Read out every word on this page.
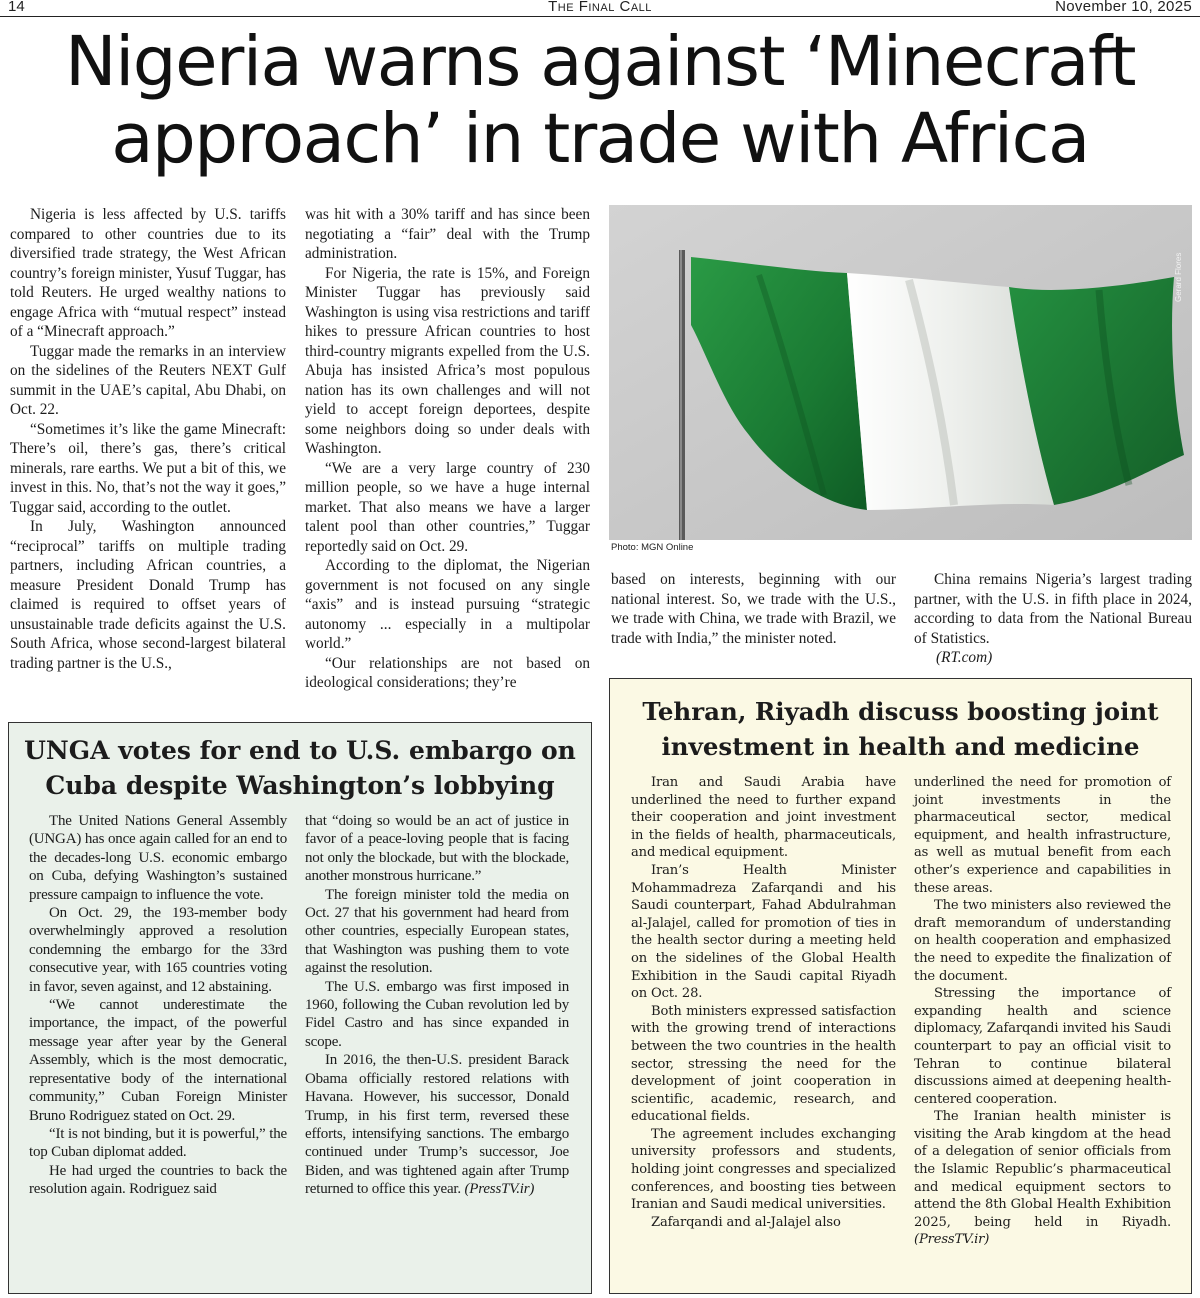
14	The Final Call	November 10, 2025
Nigeria warns against ‘Minecraft approach’ in trade with Africa

Nigeria is less affected by U.S. tariffs compared to other countries due to its diversified trade strategy, the West African country’s foreign minister, Yusuf Tuggar, has told Reuters. He urged wealthy nations to engage Africa with “mutual respect” instead of a “Minecraft approach.”

Tuggar made the remarks in an interview on the sidelines of the Reuters NEXT Gulf summit in the UAE’s capital, Abu Dhabi, on Oct. 22.

“Sometimes it’s like the game Minecraft: There’s oil, there’s gas, there’s critical minerals, rare earths. We put a bit of this, we invest in this. No, that’s not the way it goes,” Tuggar said, according to the outlet.

In July, Washington announced “reciprocal” tariffs on multiple trading partners, including African countries, a measure President Donald Trump has claimed is required to offset years of unsustainable trade deficits against the U.S. South Africa, whose second-largest bilateral trading partner is the U.S.,

was hit with a 30% tariff and has since been negotiating a “fair” deal with the Trump administration.

For Nigeria, the rate is 15%, and Foreign Minister Tuggar has previously said Washington is using visa restrictions and tariff hikes to pressure African countries to host third-country migrants expelled from the U.S. Abuja has insisted Africa’s most populous nation has its own challenges and will not yield to accept foreign deportees, despite some neighbors doing so under deals with Washington.

“We are a very large country of 230 million people, so we have a huge internal market. That also means we have a larger talent pool than other countries,” Tuggar reportedly said on Oct. 29.

According to the diplomat, the Nigerian government is not focused on any single “axis” and is instead pursuing “strategic autonomy ... especially in a multipolar world.”

“Our relationships are not based on ideological considerations; they’re

Gerard Flores
Photo: MGN Online

based on interests, beginning with our national interest. So, we trade with the U.S., we trade with China, we trade with Brazil, we trade with India,” the minister noted.

China remains Nigeria’s largest trading partner, with the U.S. in fifth place in 2024, according to data from the National Bureau of Statistics.

(RT.com)
UNGA votes for end to U.S. embargo on Cuba despite Washington’s lobbying

The United Nations General Assembly (UNGA) has once again called for an end to the decades-long U.S. economic embargo on Cuba, defying Washington’s sustained pressure campaign to influence the vote.

On Oct. 29, the 193-member body overwhelmingly approved a resolution condemning the embargo for the 33rd consecutive year, with 165 countries voting in favor, seven against, and 12 abstaining.

“We cannot underestimate the importance, the impact, of the powerful message year after year by the General Assembly, which is the most democratic, representative body of the international community,” Cuban Foreign Minister Bruno Rodriguez stated on Oct. 29.

“It is not binding, but it is powerful,” the top Cuban diplomat added.

He had urged the countries to back the resolution again. Rodriguez said

that “doing so would be an act of justice in favor of a peace-loving people that is facing not only the blockade, but with the blockade, another monstrous hurricane.”

The foreign minister told the media on Oct. 27 that his government had heard from other countries, especially European states, that Washington was pushing them to vote against the resolution.

The U.S. embargo was first imposed in 1960, following the Cuban revolution led by Fidel Castro and has since expanded in scope.

In 2016, the then-U.S. president Barack Obama officially restored relations with Havana. However, his successor, Donald Trump, in his first term, reversed these efforts, intensifying sanctions. The embargo continued under Trump’s successor, Joe Biden, and was tightened again after Trump returned to office this year. (PressTV.ir)

Tehran, Riyadh discuss boosting joint investment in health and medicine

Iran and Saudi Arabia have underlined the need to further expand their cooperation and joint investment in the fields of health, pharmaceuticals, and medical equipment.

Iran’s Health Minister Mohammadreza Zafarqandi and his Saudi counterpart, Fahad Abdulrahman al-Jalajel, called for promotion of ties in the health sector during a meeting held on the sidelines of the Global Health Exhibition in the Saudi capital Riyadh on Oct. 28.

Both ministers expressed satisfaction with the growing trend of interactions between the two countries in the health sector, stressing the need for the development of joint cooperation in scientific, academic, research, and educational fields.

The agreement includes exchanging university professors and students, holding joint congresses and specialized conferences, and boosting ties between Iranian and Saudi medical universities.

Zafarqandi and al-Jalajel also

underlined the need for promotion of joint investments in the pharmaceutical sector, medical equipment, and health infrastructure, as well as mutual benefit from each other’s experience and capabilities in these areas.

The two ministers also reviewed the draft memorandum of understanding on health cooperation and emphasized the need to expedite the finalization of the document.

Stressing the importance of expanding health and science diplomacy, Zafarqandi invited his Saudi counterpart to pay an official visit to Tehran to continue bilateral discussions aimed at deepening health-centered cooperation.

The Iranian health minister is visiting the Arab kingdom at the head of a delegation of senior officials from the Islamic Republic’s pharmaceutical and medical equipment sectors to attend the 8th Global Health Exhibition 2025, being held in Riyadh. (PressTV.ir)
